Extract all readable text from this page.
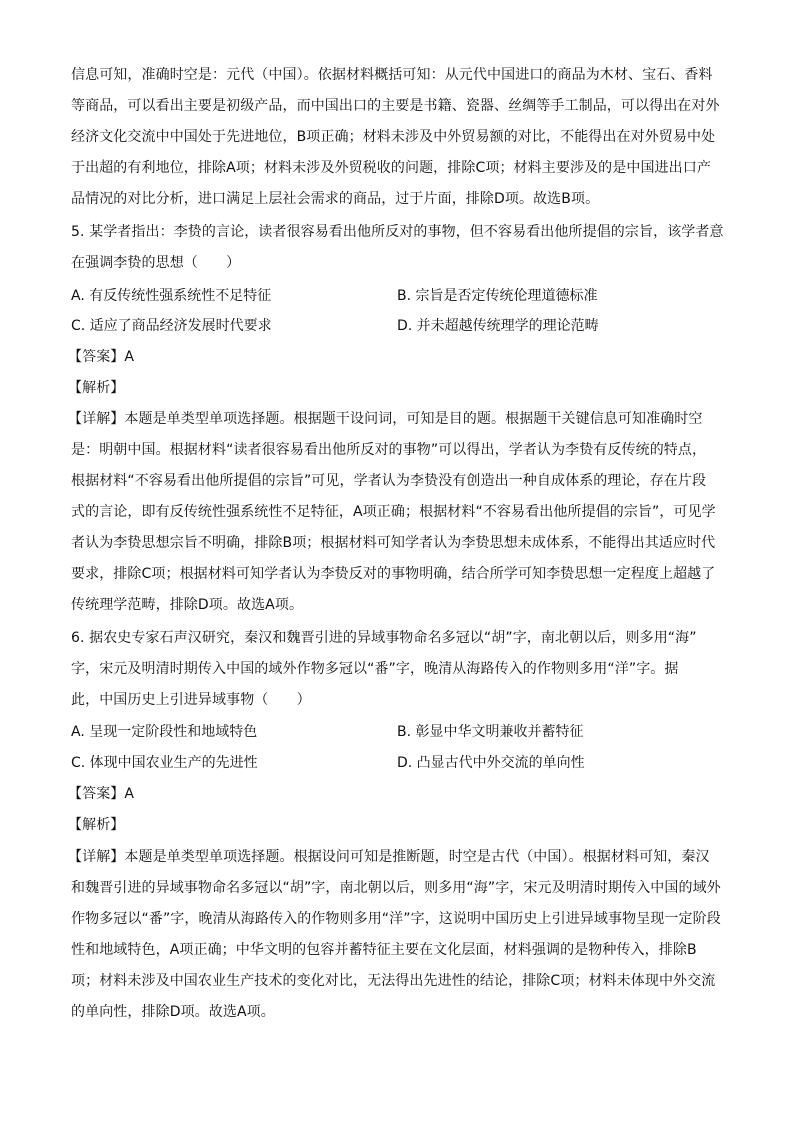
信息可知，准确时空是：元代（中国）。依据材料概括可知：从元代中国进口的商品为木材、宝石、香料
等商品，可以看出主要是初级产品，而中国出口的主要是书籍、瓷器、丝绸等手工制品，可以得出在对外
经济文化交流中中国处于先进地位，B项正确；材料未涉及中外贸易额的对比，不能得出在对外贸易中处
于出超的有利地位，排除A项；材料未涉及外贸税收的问题，排除C项；材料主要涉及的是中国进出口产
品情况的对比分析，进口满足上层社会需求的商品，过于片面，排除D项。故选B项。
5. 某学者指出：李贽的言论，读者很容易看出他所反对的事物，但不容易看出他所提倡的宗旨，该学者意
在强调李贽的思想（　　）
A. 有反传统性强系统性不足特征	B. 宗旨是否定传统伦理道德标准
C. 适应了商品经济发展时代要求	D. 并未超越传统理学的理论范畴
【答案】A
【解析】
【详解】本题是单类型单项选择题。根据题干设问词，可知是目的题。根据题干关键信息可知准确时空
是：明朝中国。根据材料“读者很容易看出他所反对的事物”可以得出，学者认为李贽有反传统的特点，
根据材料“不容易看出他所提倡的宗旨”可见，学者认为李贽没有创造出一种自成体系的理论，存在片段
式的言论，即有反传统性强系统性不足特征，A项正确；根据材料“不容易看出他所提倡的宗旨”，可见学
者认为李贽思想宗旨不明确，排除B项；根据材料可知学者认为李贽思想未成体系，不能得出其适应时代
要求，排除C项；根据材料可知学者认为李贽反对的事物明确，结合所学可知李贽思想一定程度上超越了
传统理学范畴，排除D项。故选A项。
6. 据农史专家石声汉研究，秦汉和魏晋引进的异域事物命名多冠以“胡”字，南北朝以后，则多用“海”
字，宋元及明清时期传入中国的域外作物多冠以“番”字，晚清从海路传入的作物则多用“洋”字。据
此，中国历史上引进异域事物（　　）
A. 呈现一定阶段性和地域特色	B. 彰显中华文明兼收并蓄特征
C. 体现中国农业生产的先进性	D. 凸显古代中外交流的单向性
【答案】A
【解析】
【详解】本题是单类型单项选择题。根据设问可知是推断题，时空是古代（中国）。根据材料可知，秦汉
和魏晋引进的异域事物命名多冠以“胡”字，南北朝以后，则多用“海”字，宋元及明清时期传入中国的域外
作物多冠以“番”字，晚清从海路传入的作物则多用“洋”字，这说明中国历史上引进异域事物呈现一定阶段
性和地域特色，A项正确；中华文明的包容并蓄特征主要在文化层面，材料强调的是物种传入，排除B
项；材料未涉及中国农业生产技术的变化对比，无法得出先进性的结论，排除C项；材料未体现中外交流
的单向性，排除D项。故选A项。
